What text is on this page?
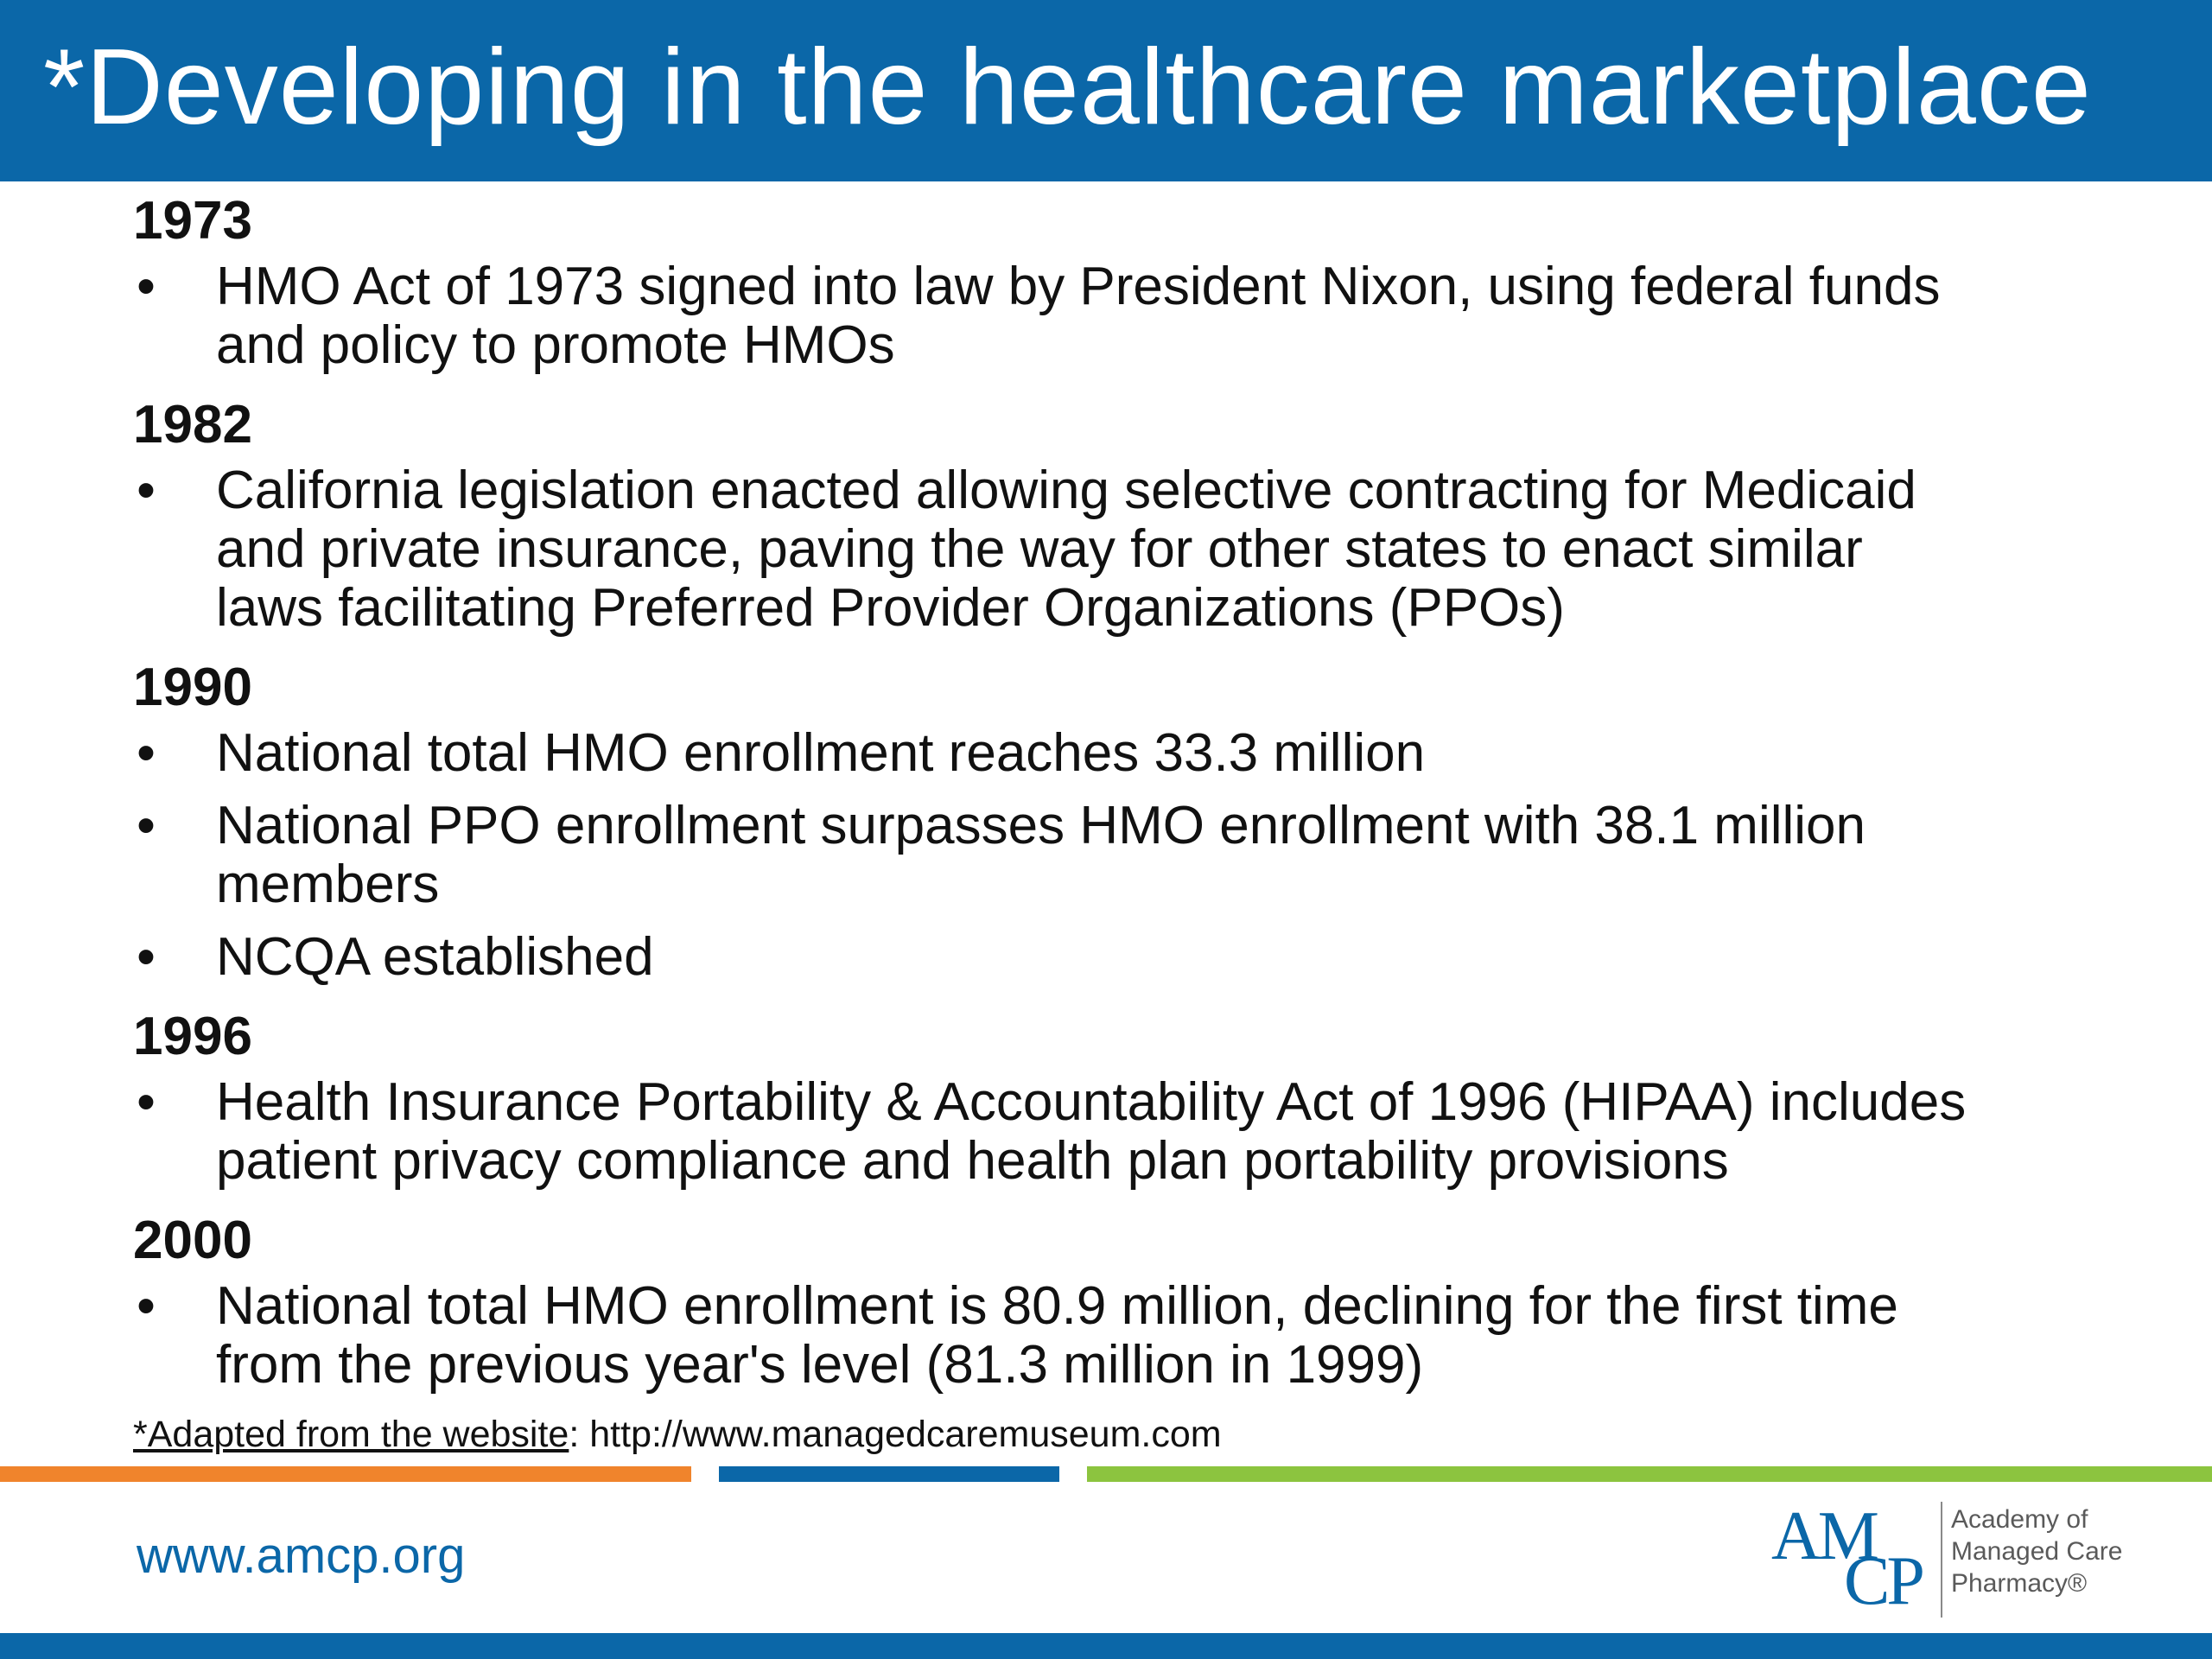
*Developing in the healthcare marketplace
1973
• HMO Act of 1973 signed into law by President Nixon, using federal funds
and policy to promote HMOs
1982
• California legislation enacted allowing selective contracting for Medicaid
and private insurance, paving the way for other states to enact similar
laws facilitating Preferred Provider Organizations (PPOs)
1990
• National total HMO enrollment reaches 33.3 million
• National PPO enrollment surpasses HMO enrollment with 38.1 million
members
• NCQA established
1996
• Health Insurance Portability & Accountability Act of 1996 (HIPAA) includes
patient privacy compliance and health plan portability provisions
2000
• National total HMO enrollment is 80.9 million, declining for the first time
from the previous year's level (81.3 million in 1999)
*Adapted from the website: http://www.managedcaremuseum.com
www.amcp.org	AM
CP
Academy of
Managed Care
Pharmacy®
